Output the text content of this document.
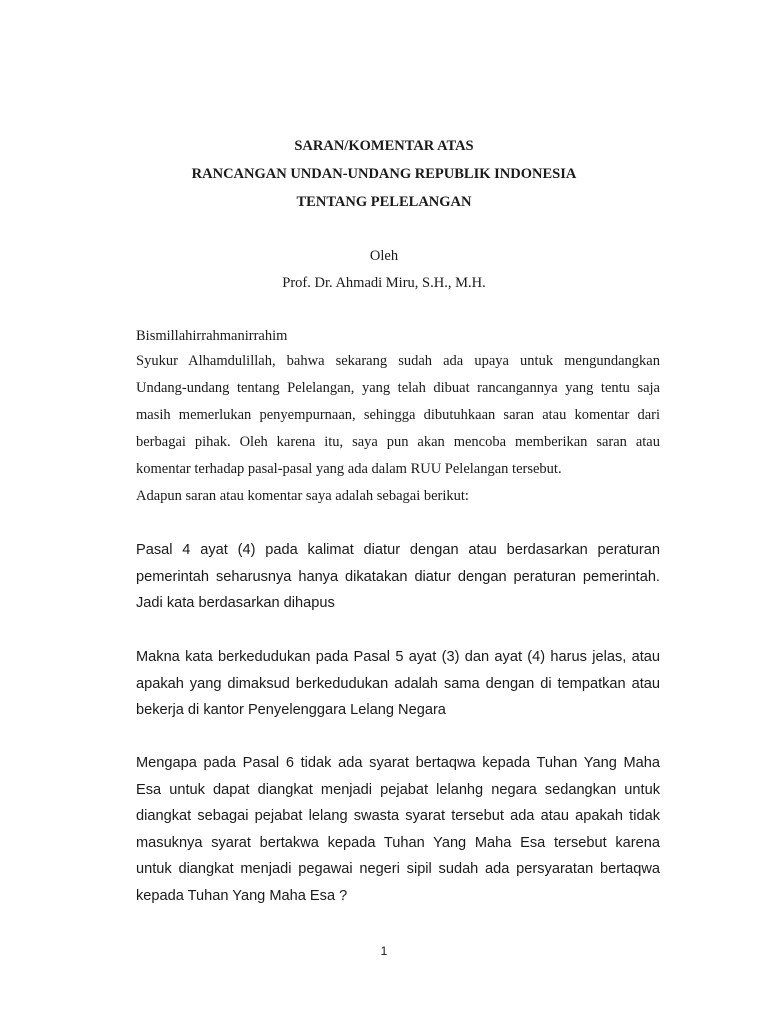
SARAN/KOMENTAR ATAS
RANCANGAN UNDAN-UNDANG REPUBLIK INDONESIA
TENTANG PELELANGAN
Oleh
Prof. Dr. Ahmadi Miru, S.H., M.H.
Bismillahirrahmanirrahim
Syukur Alhamdulillah, bahwa sekarang sudah ada upaya untuk mengundangkan
Undang-undang tentang Pelelangan, yang telah dibuat rancangannya yang tentu saja
masih memerlukan penyempurnaan, sehingga dibutuhkaan saran atau komentar dari
berbagai pihak. Oleh karena itu, saya pun akan mencoba memberikan saran atau
komentar terhadap pasal-pasal yang ada dalam RUU Pelelangan tersebut.
Adapun saran atau komentar saya adalah sebagai berikut:
Pasal 4 ayat (4) pada kalimat diatur dengan atau berdasarkan peraturan
pemerintah seharusnya hanya dikatakan diatur dengan peraturan pemerintah.
Jadi kata berdasarkan dihapus
Makna kata berkedudukan pada Pasal 5 ayat (3) dan ayat (4) harus jelas, atau
apakah yang dimaksud berkedudukan adalah sama dengan di tempatkan atau
bekerja di kantor Penyelenggara Lelang Negara
Mengapa pada Pasal 6 tidak ada syarat bertaqwa kepada Tuhan Yang Maha
Esa untuk dapat diangkat menjadi pejabat lelanhg negara sedangkan untuk
diangkat sebagai pejabat lelang swasta syarat tersebut ada atau apakah tidak
masuknya syarat bertakwa kepada Tuhan Yang Maha Esa tersebut karena
untuk diangkat menjadi pegawai negeri sipil sudah ada persyaratan bertaqwa
kepada Tuhan Yang Maha Esa ?
1
